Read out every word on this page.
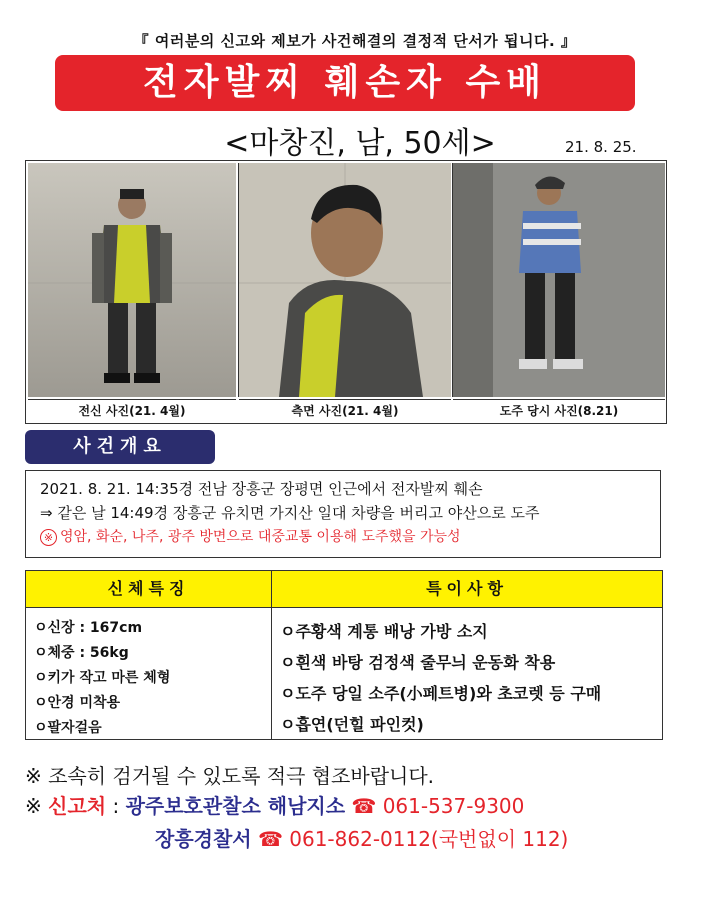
『 여러분의 신고와 제보가 사건해결의 결정적 단서가 됩니다. 』
전자발찌 훼손자 수배
<마창진, 남, 50세>	21. 8. 25.
전신 사진(21. 4월)	측면 사진(21. 4월)	도주 당시 사진(8.21)
사건개요
2021. 8. 21. 14:35경 전남 장흥군 장평면 인근에서 전자발찌 훼손
⇒ 같은 날 14:49경 장흥군 유치면 가지산 일대 차량을 버리고 야산으로 도주
※ 영암, 화순, 나주, 광주 방면으로 대중교통 이용해 도주했을 가능성
신체특징	특이사항
ㅇ신장 : 167cm
ㅇ체중 : 56kg
ㅇ키가 작고 마른 체형
ㅇ안경 미착용
ㅇ팔자걸음
ㅇ주황색 계통 배낭 가방 소지
ㅇ흰색 바탕 검정색 줄무늬 운동화 착용
ㅇ도주 당일 소주(小페트병)와 초코렛 등 구매
ㅇ흡연(던힐 파인컷)
※ 조속히 검거될 수 있도록 적극 협조바랍니다.
※ 신고처 : 광주보호관찰소 해남지소 ☎ 061-537-9300
장흥경찰서 ☎ 061-862-0112(국번없이 112)
